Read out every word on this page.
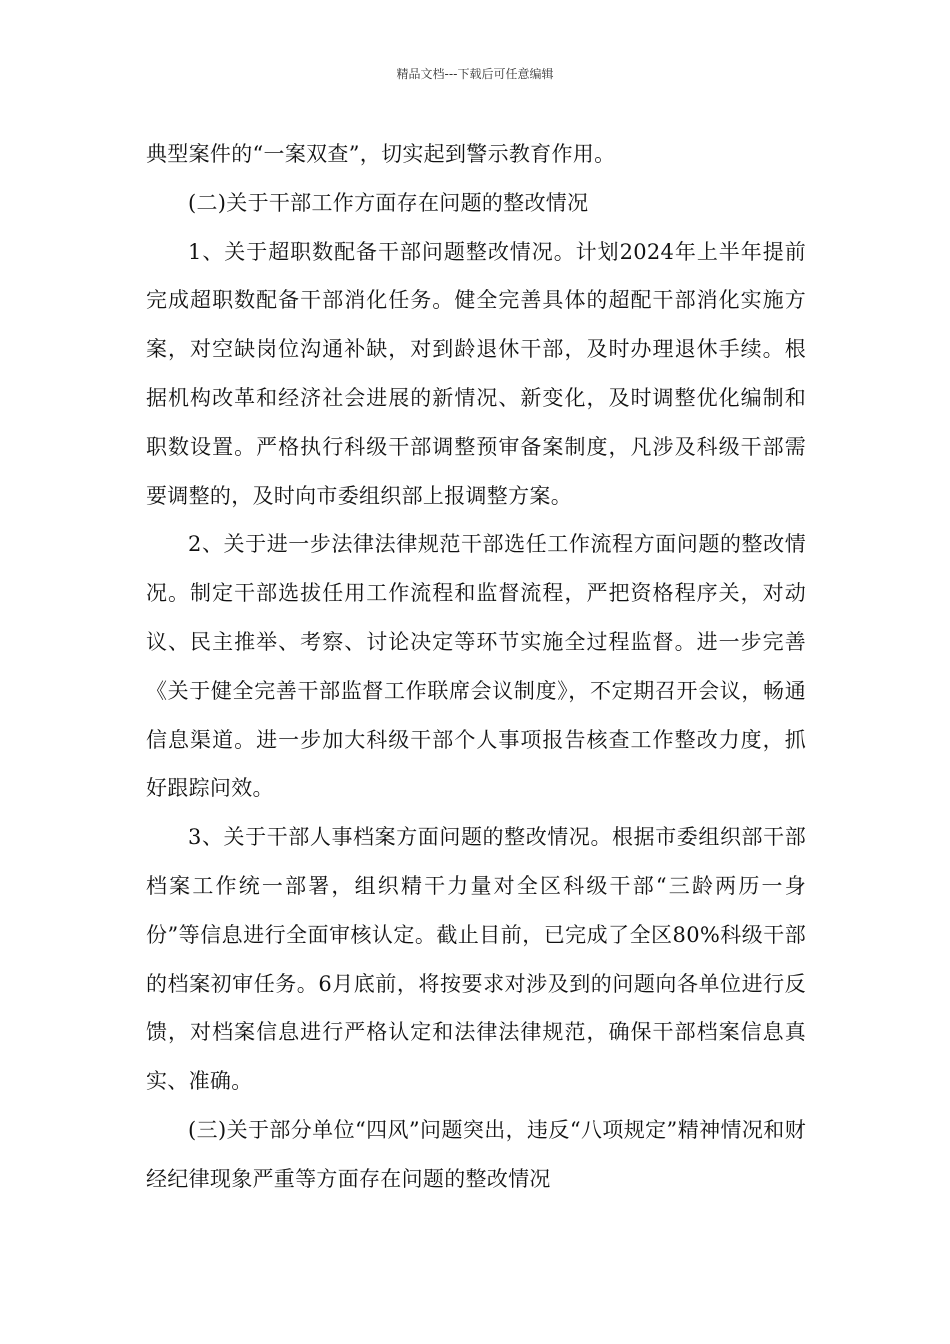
精品文档---下载后可任意编辑

典型案件的“一案双查”，切实起到警示教育作用。

(二)关于干部工作方面存在问题的整改情况

1、关于超职数配备干部问题整改情况。计划2024年上半年提前完成超职数配备干部消化任务。健全完善具体的超配干部消化实施方案，对空缺岗位沟通补缺，对到龄退休干部，及时办理退休手续。根据机构改革和经济社会进展的新情况、新变化，及时调整优化编制和职数设置。严格执行科级干部调整预审备案制度，凡涉及科级干部需要调整的，及时向市委组织部上报调整方案。

2、关于进一步法律法律规范干部选任工作流程方面问题的整改情况。制定干部选拔任用工作流程和监督流程，严把资格程序关，对动议、民主推举、考察、讨论决定等环节实施全过程监督。进一步完善《关于健全完善干部监督工作联席会议制度》，不定期召开会议，畅通信息渠道。进一步加大科级干部个人事项报告核查工作整改力度，抓好跟踪问效。

3、关于干部人事档案方面问题的整改情况。根据市委组织部干部档案工作统一部署，组织精干力量对全区科级干部“三龄两历一身份”等信息进行全面审核认定。截止目前，已完成了全区80%科级干部的档案初审任务。6月底前，将按要求对涉及到的问题向各单位进行反馈，对档案信息进行严格认定和法律法律规范，确保干部档案信息真实、准确。

(三)关于部分单位“四风”问题突出，违反“八项规定”精神情况和财经纪律现象严重等方面存在问题的整改情况
